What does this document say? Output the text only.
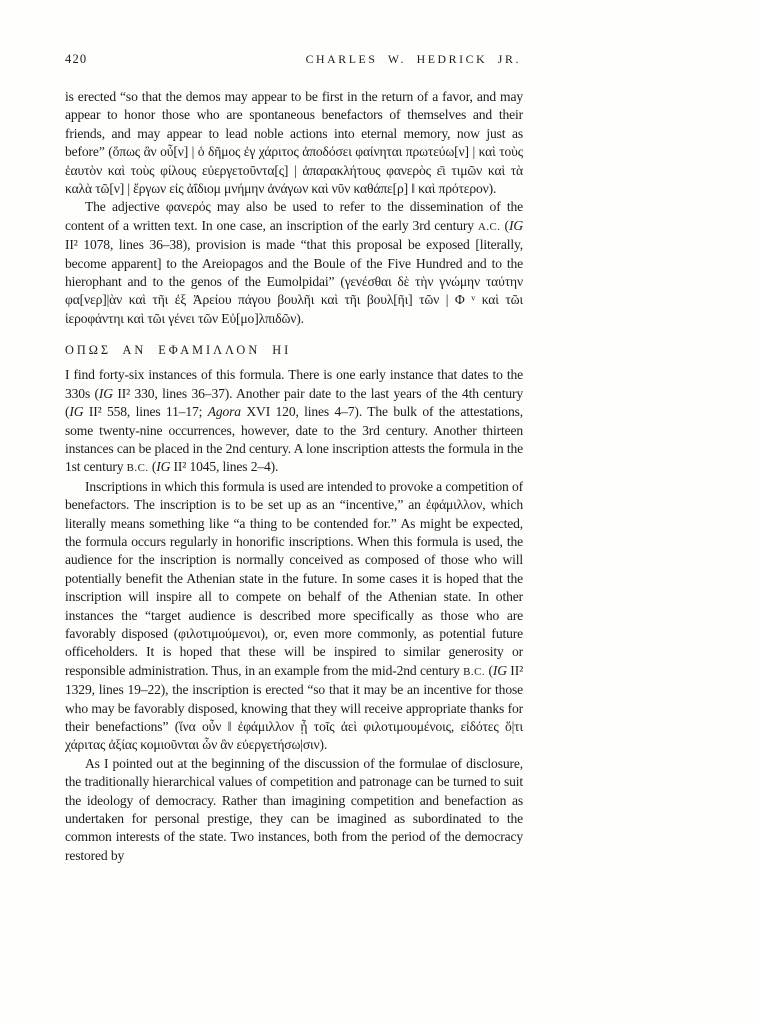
420	CHARLES W. HEDRICK JR.

is erected “so that the demos may appear to be first in the return of a favor, and may appear to honor those who are spontaneous benefactors of themselves and their friends, and may appear to lead noble actions into eternal memory, now just as before” (ὅπως ἂν οὖ[ν] | ὁ δῆμος ἐγ χάριτος ἀποδόσει φαίνηται πρωτεύω[ν] | καὶ τοὺς ἑαυτὸν καὶ τοὺς φίλους εὐεργετοῦντα[ς] | ἀπαρακλήτους φανερὸς ε̄ι τιμῶν καὶ τὰ καλὰ τῶ[ν] | ἔργων εἰς ἀΐδιομ μνήμην ἀνάγων καὶ νῦν καθάπε[ρ] ‖ καὶ πρότερον).

The adjective φανερός may also be used to refer to the dissemination of the content of a written text. In one case, an inscription of the early 3rd century A.C. (IG II² 1078, lines 36–38), provision is made “that this proposal be exposed [literally, become apparent] to the Areiopagos and the Boule of the Five Hundred and to the hierophant and to the genos of the Eumolpidai” (γενέσθαι δὲ τὴν γνώμην ταύτην φα[νερ]|ὰν καὶ τῆι ἐξ Ἀρείου πάγου βουλῆι καὶ τῆι βουλ[ῆι] τῶν | Φ ᵛ καὶ τῶι ἱεροφάντηι καὶ τῶι γένει τῶν Εὐ[μο]λπιδῶν).

ΟΠΩΣ ΑΝ ΕΦΑΜΙΛΛΟΝ ΗΙ

I find forty-six instances of this formula. There is one early instance that dates to the 330s (IG II² 330, lines 36–37). Another pair date to the last years of the 4th century (IG II² 558, lines 11–17; Agora XVI 120, lines 4–7). The bulk of the attestations, some twenty-nine occurrences, however, date to the 3rd century. Another thirteen instances can be placed in the 2nd century. A lone inscription attests the formula in the 1st century B.C. (IG II² 1045, lines 2–4).

Inscriptions in which this formula is used are intended to provoke a competition of benefactors. The inscription is to be set up as an “incentive,” an ἐφάμιλλον, which literally means something like “a thing to be contended for.” As might be expected, the formula occurs regularly in honorific inscriptions. When this formula is used, the audience for the inscription is normally conceived as composed of those who will potentially benefit the Athenian state in the future. In some cases it is hoped that the inscription will inspire all to compete on behalf of the Athenian state. In other instances the “target audience is described more specifically as those who are favorably disposed (φιλοτιμούμενοι), or, even more commonly, as potential future officeholders. It is hoped that these will be inspired to similar generosity or responsible administration. Thus, in an example from the mid-2nd century B.C. (IG II² 1329, lines 19–22), the inscription is erected “so that it may be an incentive for those who may be favorably disposed, knowing that they will receive appropriate thanks for their benefactions” (ἵνα οὖν ‖ ἐφάμιλλον ᾖ τοῖς ἀεὶ φιλοτιμουμένοις, εἰδότες ὅ|τι χάριτας ἀξίας κομιοῦνται ὧν ἂν εὐεργετήσω|σιν).

As I pointed out at the beginning of the discussion of the formulae of disclosure, the traditionally hierarchical values of competition and patronage can be turned to suit the ideology of democracy. Rather than imagining competition and benefaction as undertaken for personal prestige, they can be imagined as subordinated to the common interests of the state. Two instances, both from the period of the democracy restored by
